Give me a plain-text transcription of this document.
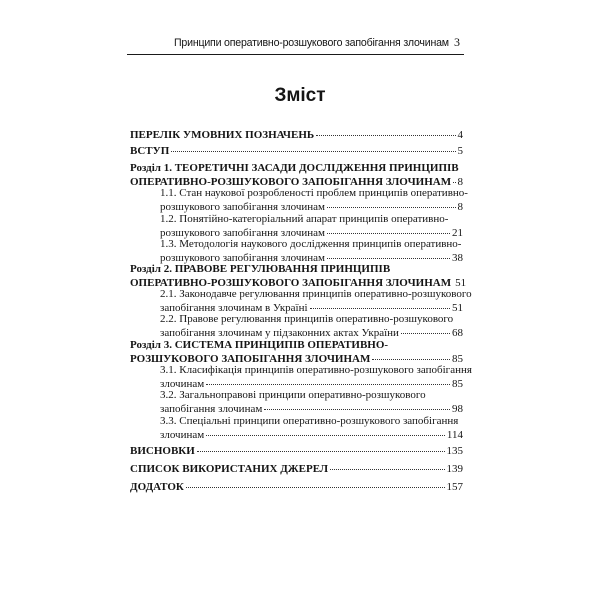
Принципи оперативно-розшукового запобігання злочинам 3
Зміст
ПЕРЕЛІК УМОВНИХ ПОЗНАЧЕНЬ	4
ВСТУП	5
Розділ 1. ТЕОРЕТИЧНІ ЗАСАДИ ДОСЛІДЖЕННЯ ПРИНЦИПІВ
ОПЕРАТИВНО-РОЗШУКОВОГО ЗАПОБІГАННЯ ЗЛОЧИНАМ 8
1.1. Стан наукової розробленості проблем принципів оперативно-
розшукового запобігання злочинам	8
1.2. Понятійно-категоріальний апарат принципів оперативно-
розшукового запобігання злочинам	21
1.3. Методологія наукового дослідження принципів оперативно-
розшукового запобігання злочинам	38
Розділ 2. ПРАВОВЕ РЕГУЛЮВАННЯ ПРИНЦИПІВ
ОПЕРАТИВНО-РОЗШУКОВОГО ЗАПОБІГАННЯ ЗЛОЧИНАМ 51
2.1. Законодавче регулювання принципів оперативно-розшукового
запобігання злочинам в Україні	51
2.2. Правове регулювання принципів оперативно-розшукового
запобігання злочинам у підзаконних актах України	68
Розділ 3. СИСТЕМА ПРИНЦИПІВ ОПЕРАТИВНО-
РОЗШУКОВОГО ЗАПОБІГАННЯ ЗЛОЧИНАМ	85
3.1. Класифікація принципів оперативно-розшукового запобігання
злочинам	85
3.2. Загальноправові принципи оперативно-розшукового
запобігання злочинам	98
3.3. Спеціальні принципи оперативно-розшукового запобігання
злочинам	114
ВИСНОВКИ	135
СПИСОК ВИКОРИСТАНИХ ДЖЕРЕЛ	139
ДОДАТОК	157
